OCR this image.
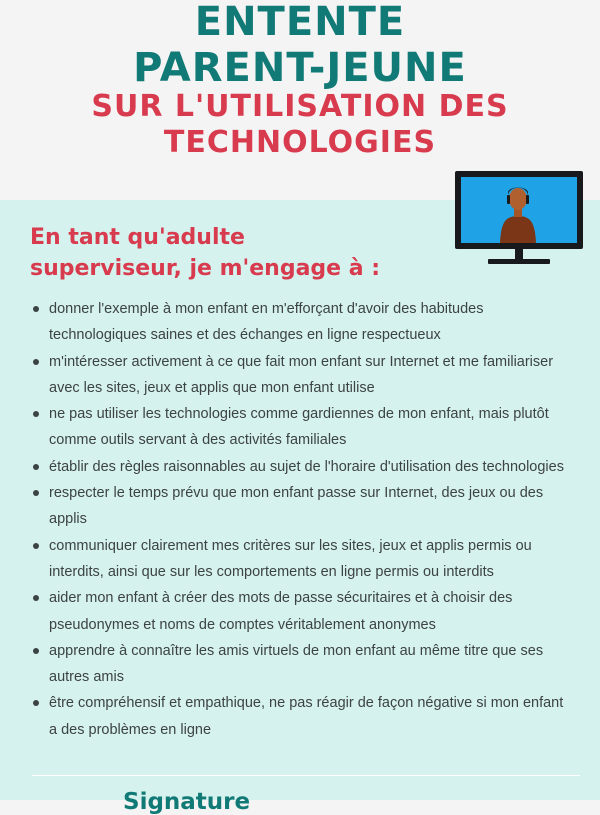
ENTENTE
PARENT-JEUNE
SUR L'UTILISATION DES
TECHNOLOGIES
En tant qu'adulte
superviseur, je m'engage à :
donner l'exemple à mon enfant en m'efforçant d'avoir des habitudes technologiques saines et des échanges en ligne respectueux
m'intéresser activement à ce que fait mon enfant sur Internet et me familiariser avec les sites, jeux et applis que mon enfant utilise
ne pas utiliser les technologies comme gardiennes de mon enfant, mais plutôt comme outils servant à des activités familiales
établir des règles raisonnables au sujet de l'horaire d'utilisation des technologies
respecter le temps prévu que mon enfant passe sur Internet, des jeux ou des applis
communiquer clairement mes critères sur les sites, jeux et applis permis ou interdits, ainsi que sur les comportements en ligne permis ou interdits
aider mon enfant à créer des mots de passe sécuritaires et à choisir des pseudonymes et noms de comptes véritablement anonymes
apprendre à connaître les amis virtuels de mon enfant au même titre que ses autres amis
être compréhensif et empathique, ne pas réagir de façon négative si mon enfant a des problèmes en ligne
Signature
